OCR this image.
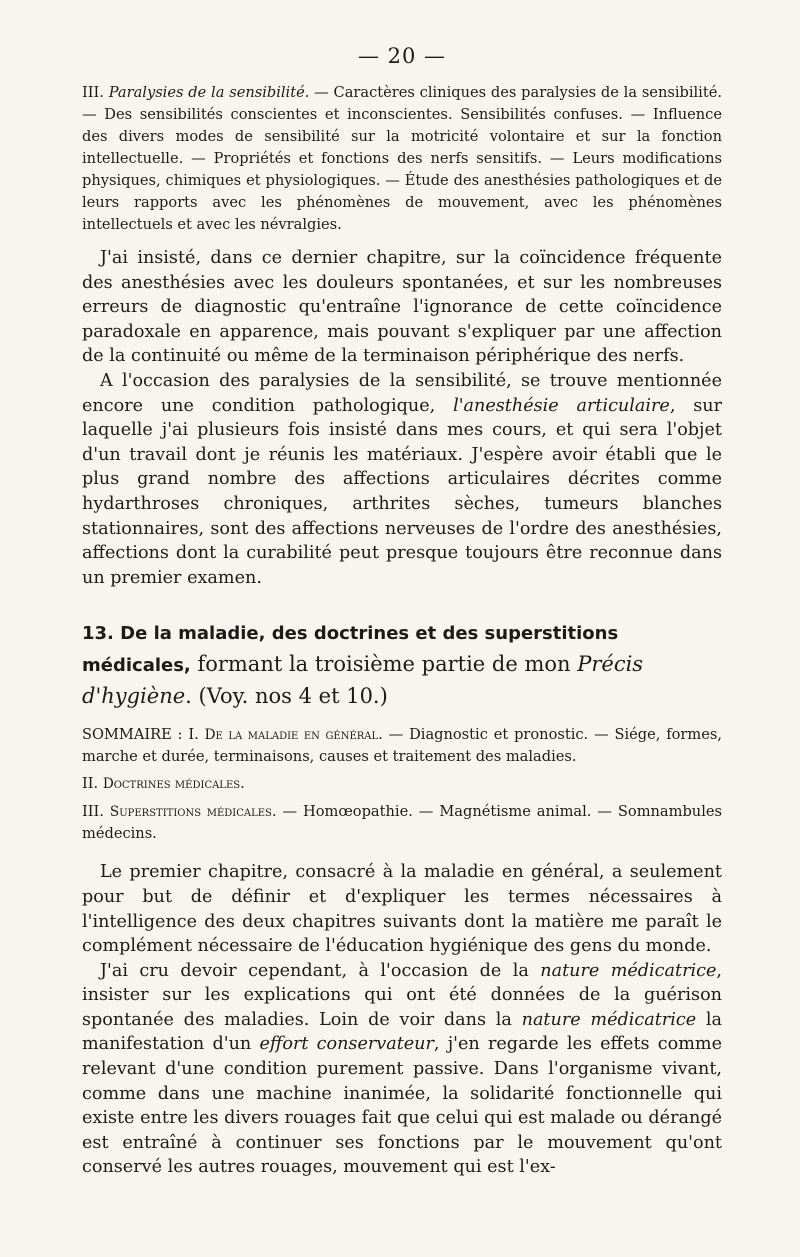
— 20 —

III. Paralysies de la sensibilité. — Caractères cliniques des paralysies de la sensibilité. — Des sensibilités conscientes et inconscientes. Sensibilités confuses. — Influence des divers modes de sensibilité sur la motricité volontaire et sur la fonction intellectuelle. — Propriétés et fonctions des nerfs sensitifs. — Leurs modifications physiques, chimiques et physiologiques. — Étude des anesthésies pathologiques et de leurs rapports avec les phénomènes de mouvement, avec les phénomènes intellectuels et avec les névralgies.

J'ai insisté, dans ce dernier chapitre, sur la coïncidence fréquente des anesthésies avec les douleurs spontanées, et sur les nombreuses erreurs de diagnostic qu'entraîne l'ignorance de cette coïncidence paradoxale en apparence, mais pouvant s'expliquer par une affection de la continuité ou même de la terminaison périphérique des nerfs.

A l'occasion des paralysies de la sensibilité, se trouve mentionnée encore une condition pathologique, l'anesthésie articulaire, sur laquelle j'ai plusieurs fois insisté dans mes cours, et qui sera l'objet d'un travail dont je réunis les matériaux. J'espère avoir établi que le plus grand nombre des affections articulaires décrites comme hydarthroses chroniques, arthrites sèches, tumeurs blanches stationnaires, sont des affections nerveuses de l'ordre des anesthésies, affections dont la curabilité peut presque toujours être reconnue dans un premier examen.

13. De la maladie, des doctrines et des superstitions médicales, formant la troisième partie de mon Précis d'hygiène. (Voy. nos 4 et 10.)

SOMMAIRE : I. De la maladie en général. — Diagnostic et pronostic. — Siége, formes, marche et durée, terminaisons, causes et traitement des maladies.

II. Doctrines médicales.

III. Superstitions médicales. — Homœopathie. — Magnétisme animal. — Somnambules médecins.

Le premier chapitre, consacré à la maladie en général, a seulement pour but de définir et d'expliquer les termes nécessaires à l'intelligence des deux chapitres suivants dont la matière me paraît le complément nécessaire de l'éducation hygiénique des gens du monde.

J'ai cru devoir cependant, à l'occasion de la nature médicatrice, insister sur les explications qui ont été données de la guérison spontanée des maladies. Loin de voir dans la nature médicatrice la manifestation d'un effort conservateur, j'en regarde les effets comme relevant d'une condition purement passive. Dans l'organisme vivant, comme dans une machine inanimée, la solidarité fonctionnelle qui existe entre les divers rouages fait que celui qui est malade ou dérangé est entraîné à continuer ses fonctions par le mouvement qu'ont conservé les autres rouages, mouvement qui est l'ex-
